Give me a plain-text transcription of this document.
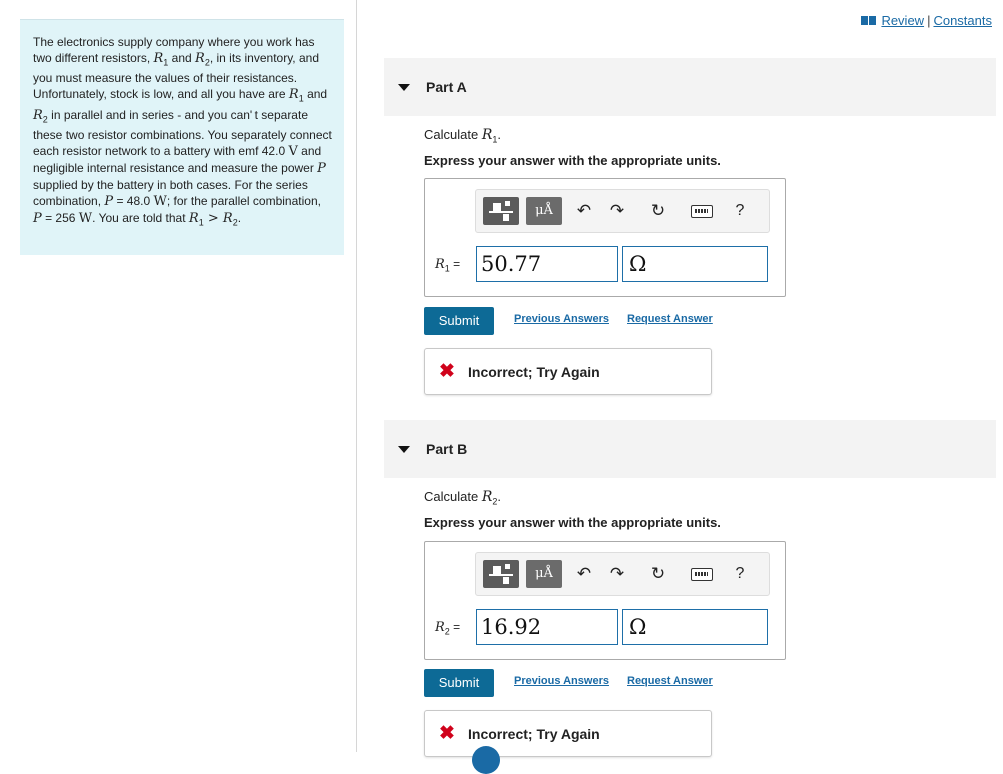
Review | Constants
The electronics supply company where you work has two different resistors, $R_1$ and $R_2$, in its inventory, and you must measure the values of their resistances. Unfortunately, stock is low, and all you have are $R_1$ and $R_2$ in parallel and in series - and you can' t separate these two resistor combinations. You separately connect each resistor network to a battery with emf 42.0 V and negligible internal resistance and measure the power P supplied by the battery in both cases. For the series combination, P = 48.0 W; for the parallel combination, P = 256 W. You are told that $R_1 > R_2$.
Part A
Calculate $R_1$.
Express your answer with the appropriate units.
μÅ	↶ ↷ ↻	?
$R_1 = 50.77$	Ω
Submit	Previous Answers Request Answer
✖ Incorrect; Try Again
Part B
Calculate $R_2$.
Express your answer with the appropriate units.
μÅ	↶ ↷ ↻	?
$R_2 = 16.92$	Ω
Submit	Previous Answers Request Answer
✖ Incorrect; Try Again
